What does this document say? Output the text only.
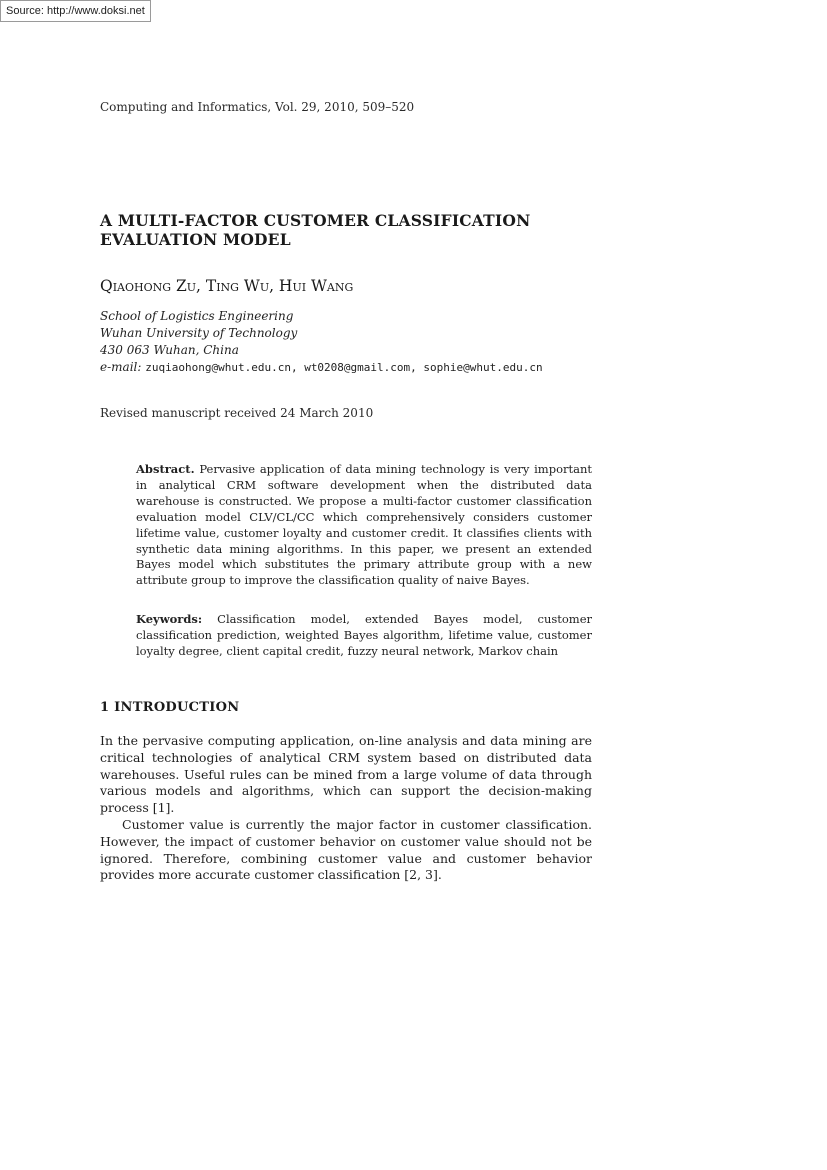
Source: http://www.doksi.net
Computing and Informatics, Vol. 29, 2010, 509–520
A MULTI-FACTOR CUSTOMER CLASSIFICATION
EVALUATION MODEL
Qiaohong Zu, Ting Wu, Hui Wang
School of Logistics Engineering
Wuhan University of Technology
430 063 Wuhan, China
e-mail: zuqiaohong@whut.edu.cn, wt0208@gmail.com, sophie@whut.edu.cn
Revised manuscript received 24 March 2010
Abstract. Pervasive application of data mining technology is very important in analytical CRM software development when the distributed data warehouse is constructed. We propose a multi-factor customer classification evaluation model CLV/CL/CC which comprehensively considers customer lifetime value, customer loyalty and customer credit. It classifies clients with synthetic data mining algorithms. In this paper, we present an extended Bayes model which substitutes the primary attribute group with a new attribute group to improve the classification quality of naive Bayes.
Keywords: Classification model, extended Bayes model, customer classification prediction, weighted Bayes algorithm, lifetime value, customer loyalty degree, client capital credit, fuzzy neural network, Markov chain
1 INTRODUCTION

In the pervasive computing application, on-line analysis and data mining are critical technologies of analytical CRM system based on distributed data warehouses. Useful rules can be mined from a large volume of data through various models and algorithms, which can support the decision-making process [1].

Customer value is currently the major factor in customer classification. However, the impact of customer behavior on customer value should not be ignored. Therefore, combining customer value and customer behavior provides more accurate customer classification [2, 3].
